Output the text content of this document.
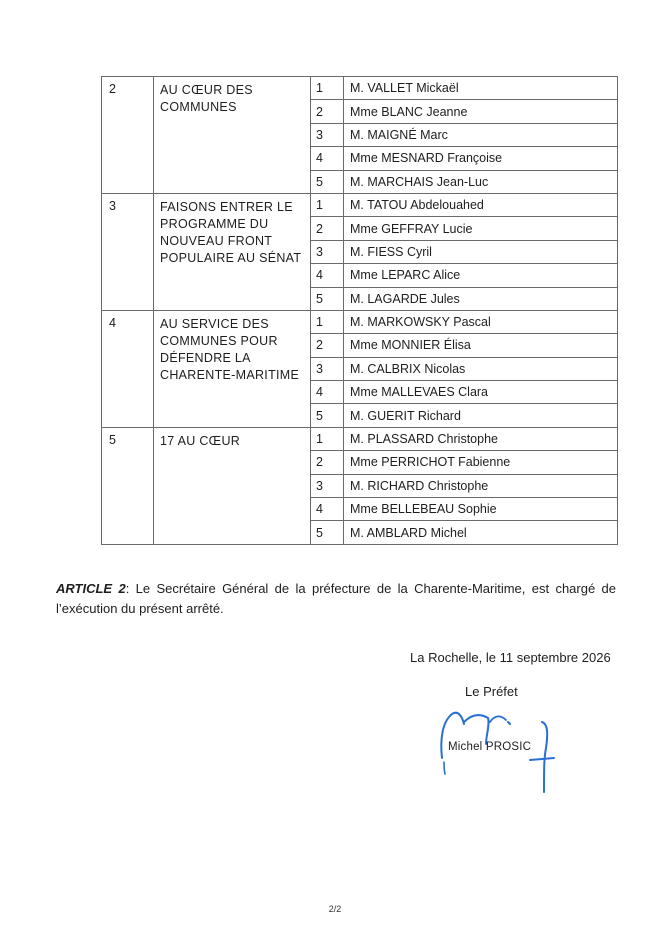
2	AU CŒUR DES COMMUNES	1	M. VALLET Mickaël
		2	Mme BLANC Jeanne
		3	M. MAIGNÉ Marc
		4	Mme MESNARD Françoise
		5	M. MARCHAIS Jean-Luc
3	FAISONS ENTRER LE PROGRAMME DU NOUVEAU FRONT POPULAIRE AU SÉNAT	1	M. TATOU Abdelouahed
		2	Mme GEFFRAY Lucie
		3	M. FIESS Cyril
		4	Mme LEPARC Alice
		5	M. LAGARDE Jules
4	AU SERVICE DES COMMUNES POUR DÉFENDRE LA CHARENTE-MARITIME	1	M. MARKOWSKY Pascal
		2	Mme MONNIER Élisa
		3	M. CALBRIX Nicolas
		4	Mme MALLEVAES Clara
		5	M. GUERIT Richard
5	17 AU CŒUR	1	M. PLASSARD Christophe
		2	Mme PERRICHOT Fabienne
		3	M. RICHARD Christophe
		4	Mme BELLEBEAU Sophie
		5	M. AMBLARD Michel
ARTICLE 2: Le Secrétaire Général de la préfecture de la Charente-Maritime, est chargé de l’exécution du présent arrêté.
La Rochelle, le 11 septembre 2026
Le Préfet
Michel PROSIC
2/2
